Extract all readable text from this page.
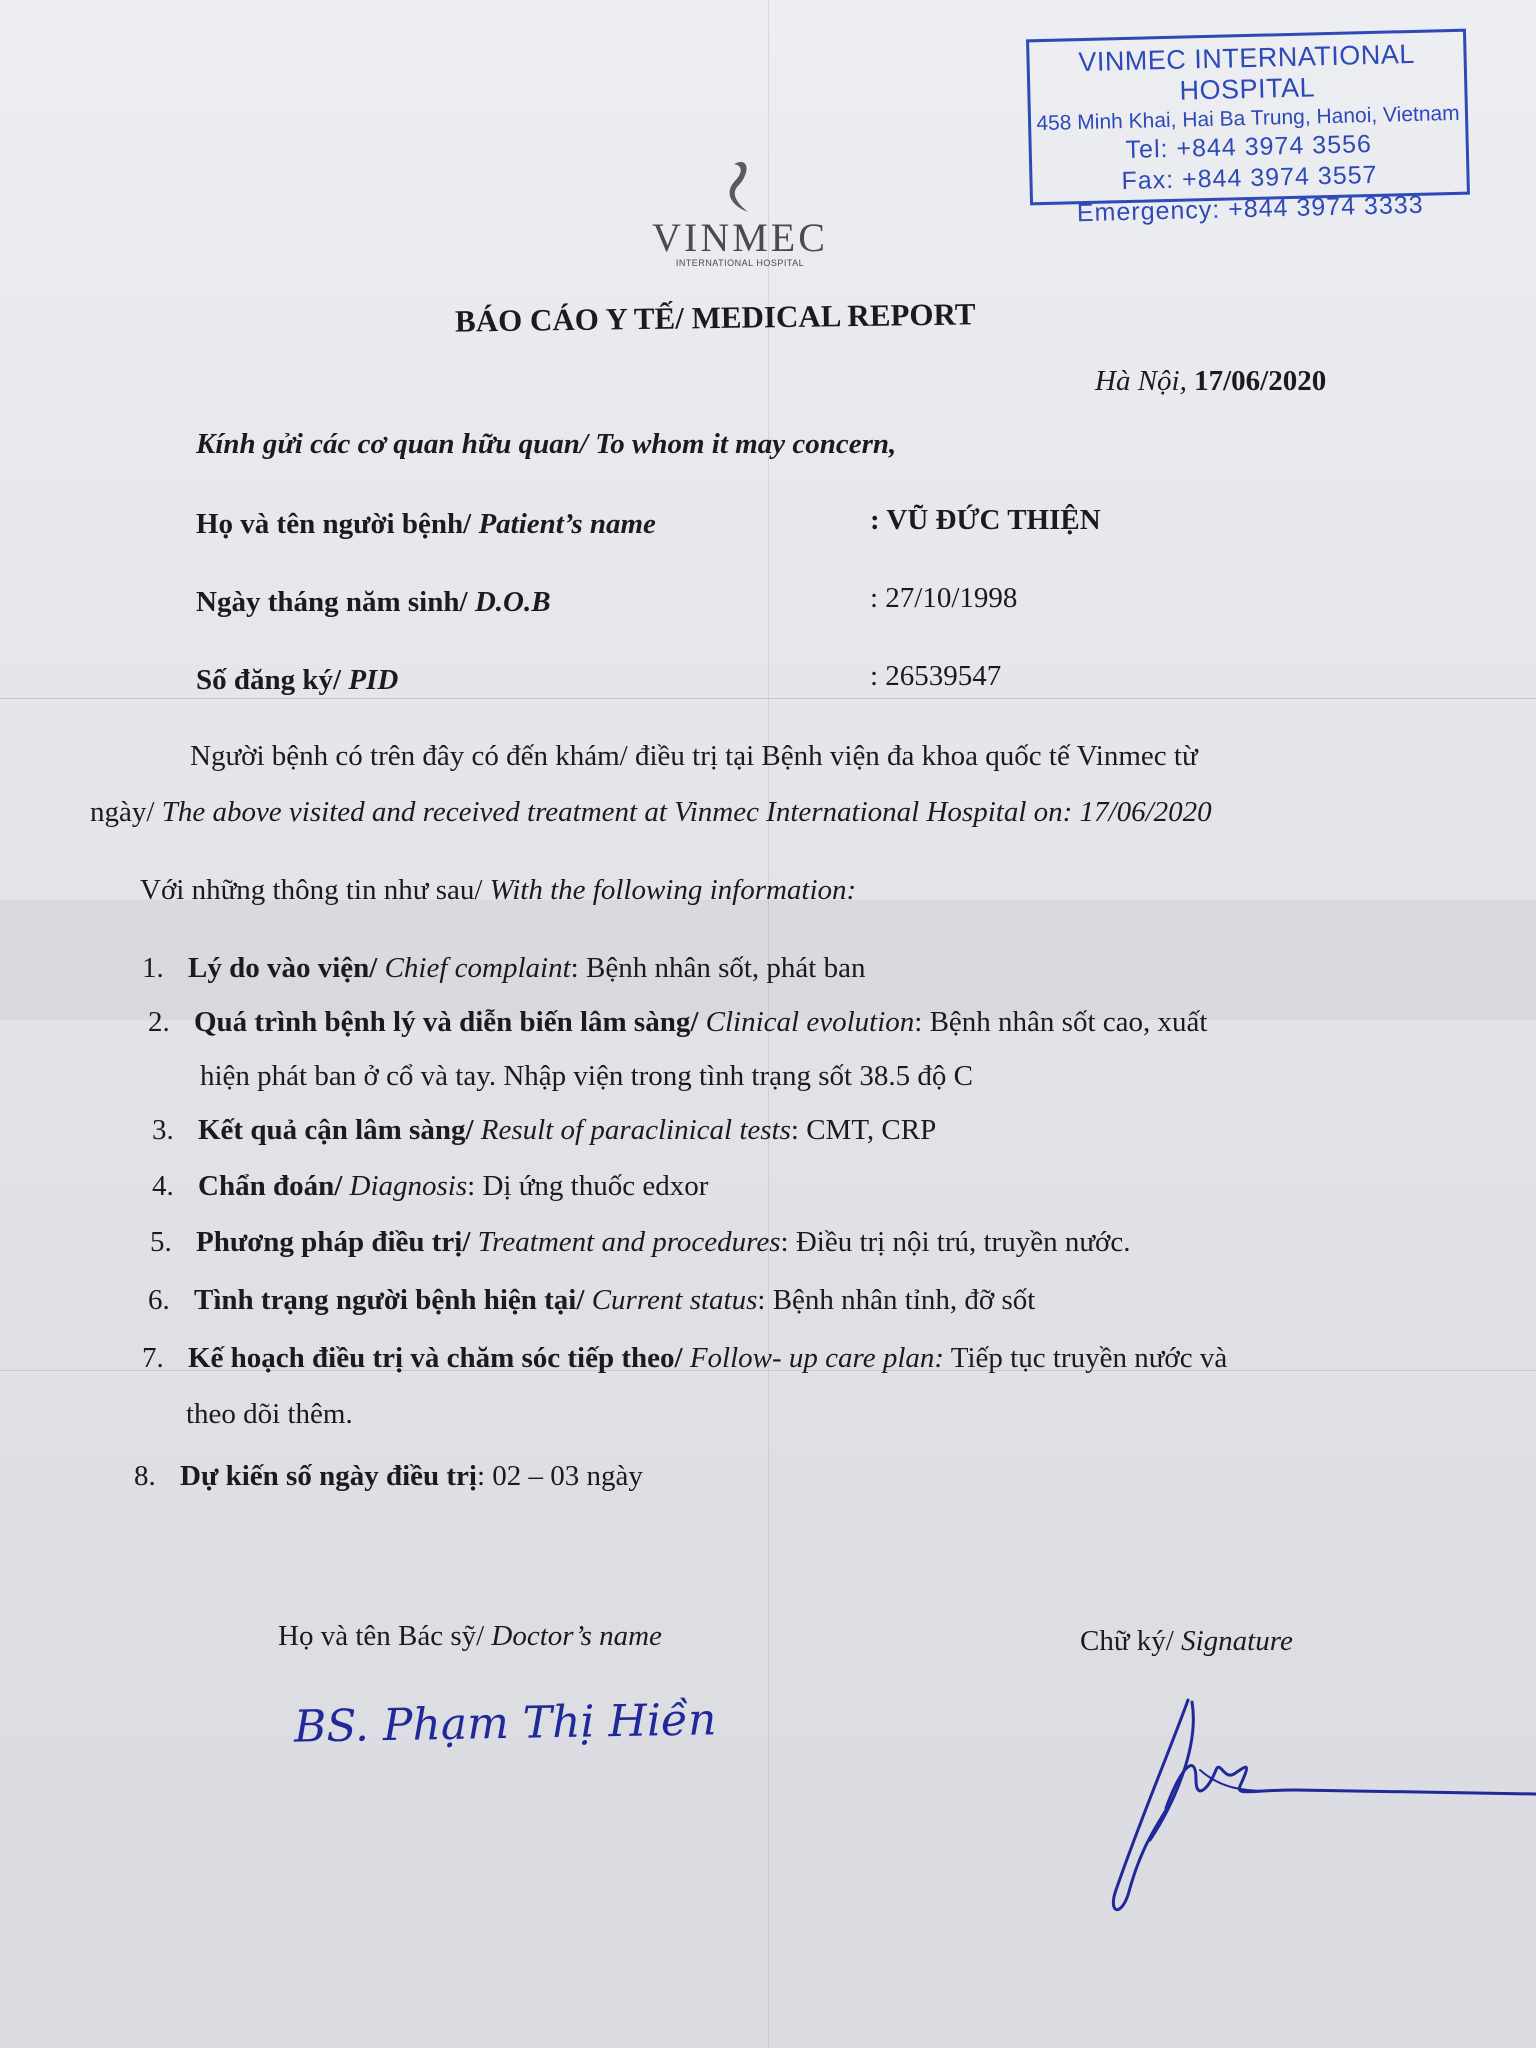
VINMEC INTERNATIONAL HOSPITAL
458 Minh Khai, Hai Ba Trung, Hanoi, Vietnam
Tel: +844 3974 3556
Fax: +844 3974 3557
Emergency: +844 3974 3333
VINMEC
INTERNATIONAL HOSPITAL
BÁO CÁO Y TẾ/ MEDICAL REPORT
Hà Nội, 17/06/2020
Kính gửi các cơ quan hữu quan/ To whom it may concern,
Họ và tên người bệnh/ Patient’s name	: VŨ ĐỨC THIỆN
Ngày tháng năm sinh/ D.O.B	: 27/10/1998
Số đăng ký/ PID	: 26539547
Người bệnh có trên đây có đến khám/ điều trị tại Bệnh viện đa khoa quốc tế Vinmec từ
ngày/ The above visited and received treatment at Vinmec International Hospital on: 17/06/2020
Với những thông tin như sau/ With the following information:
1. Lý do vào viện/ Chief complaint: Bệnh nhân sốt, phát ban
2. Quá trình bệnh lý và diễn biến lâm sàng/ Clinical evolution: Bệnh nhân sốt cao, xuất
hiện phát ban ở cổ và tay. Nhập viện trong tình trạng sốt 38.5 độ C
3. Kết quả cận lâm sàng/ Result of paraclinical tests: CMT, CRP
4. Chẩn đoán/ Diagnosis: Dị ứng thuốc edxor
5. Phương pháp điều trị/ Treatment and procedures: Điều trị nội trú, truyền nước.
6. Tình trạng người bệnh hiện tại/ Current status: Bệnh nhân tỉnh, đỡ sốt
7. Kế hoạch điều trị và chăm sóc tiếp theo/ Follow- up care plan: Tiếp tục truyền nước và
theo dõi thêm.
8. Dự kiến số ngày điều trị: 02 – 03 ngày
Họ và tên Bác sỹ/ Doctor’s name	Chữ ký/ Signature
BS. Phạm Thị Hiền
